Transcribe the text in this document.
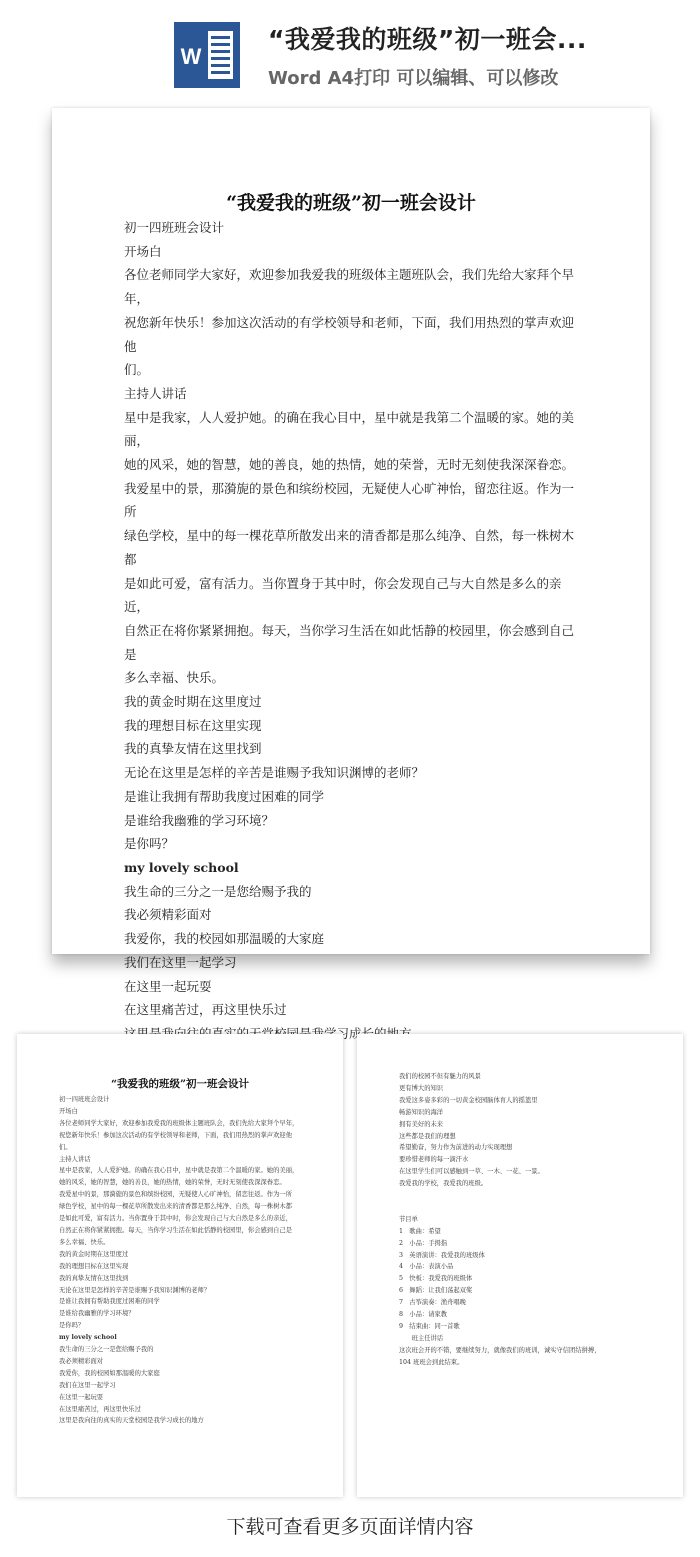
W
“我爱我的班级”初一班会...
Word A4打印 可以编辑、可以修改
“我爱我的班级”初一班会设计

初一四班班会设计

开场白

各位老师同学大家好，欢迎参加我爱我的班级体主题班队会，我们先给大家拜个早年，

祝您新年快乐！参加这次活动的有学校领导和老师，下面，我们用热烈的掌声欢迎他

们。

主持人讲话

星中是我家，人人爱护她。的确在我心目中，星中就是我第二个温暖的家。她的美丽，

她的风采，她的智慧，她的善良，她的热情，她的荣誉，无时无刻使我深深眷恋。

我爱星中的景，那漪旎的景色和缤纷校园，无疑使人心旷神怡，留恋往返。作为一所

绿色学校，星中的每一棵花草所散发出来的清香都是那么纯净、自然，每一株树木都

是如此可爱，富有活力。当你置身于其中时，你会发现自己与大自然是多么的亲近，

自然正在将你紧紧拥抱。每天，当你学习生活在如此恬静的校园里，你会感到自己是

多么幸福、快乐。

我的黄金时期在这里度过

我的理想目标在这里实现

我的真挚友情在这里找到

无论在这里是怎样的辛苦是谁赐予我知识渊博的老师？

是谁让我拥有帮助我度过困难的同学

是谁给我幽雅的学习环境？

是你吗？

my lovely school

我生命的三分之一是您给赐予我的

我必须精彩面对

我爱你，我的校园如那温暖的大家庭

我们在这里一起学习

在这里一起玩耍

在这里痛苦过，再这里快乐过

“我爱我的班级”初一班会设计

初一四班班会设计

开场白

各位老师同学大家好，欢迎参加我爱我的班级体主题班队会，我们先给大家拜个早年，

祝您新年快乐！参加这次活动的有学校领导和老师，下面，我们用热烈的掌声欢迎他

们。

主持人讲话

星中是我家，人人爱护她。的确在我心目中，星中就是我第二个温暖的家。她的美丽，

她的风采，她的智慧，她的善良，她的热情，她的荣誉，无时无刻使我深深眷恋。

我爱星中的景，那漪旎的景色和缤纷校园，无疑使人心旷神怡，留恋往返。作为一所

绿色学校，星中的每一棵花草所散发出来的清香都是那么纯净、自然，每一株树木都

是如此可爱，富有活力。当你置身于其中时，你会发现自己与大自然是多么的亲近，

自然正在将你紧紧拥抱。每天，当你学习生活在如此恬静的校园里，你会感到自己是

多么幸福、快乐。

我的黄金时期在这里度过

我的理想目标在这里实现

我的真挚友情在这里找到

无论在这里是怎样的辛苦是谁赐予我知识渊博的老师？

是谁让我拥有帮助我度过困难的同学

是谁给我幽雅的学习环境？

是你吗？

my lovely school

我生命的三分之一是您给赐予我的

我必须精彩面对

我爱你，我的校园如那温暖的大家庭

我们在这里一起学习

在这里一起玩耍

在这里痛苦过，再这里快乐过

这里是我向往的真实的天堂校园是我学习成长的地方

我们的校园不但有魅力的风景

更有博大的知识

我爱这多姿多彩的一切黄金校园脑体育人的摇篮里

畅游知识的海洋

拥有美好的未来

这些都是我们的理想

希望勤奋，努力作为前进的动力实现理想

要珍惜老师的每一滴汗水

在这里学生们可以感触到一草、一木、一花、一景。

我爱我的学校，我爱我的班级。

节目单

1　歌曲：希望

2　小品：手拇指

3　英语演讲：我爱我的班级体

4　小品：表演小品

5　快板：我爱我的班级体

6　舞蹈：让我们荡起双桨

7　古筝演奏：渔舟唱晚

8　小品：请家教

9　结束曲：同一首歌

　　班主任讲话

这次班会开的不错，要继续努力，就像我们的班训，诚实守信团结拼搏，

104 班班会到此结束。

下载可查看更多页面详情内容
